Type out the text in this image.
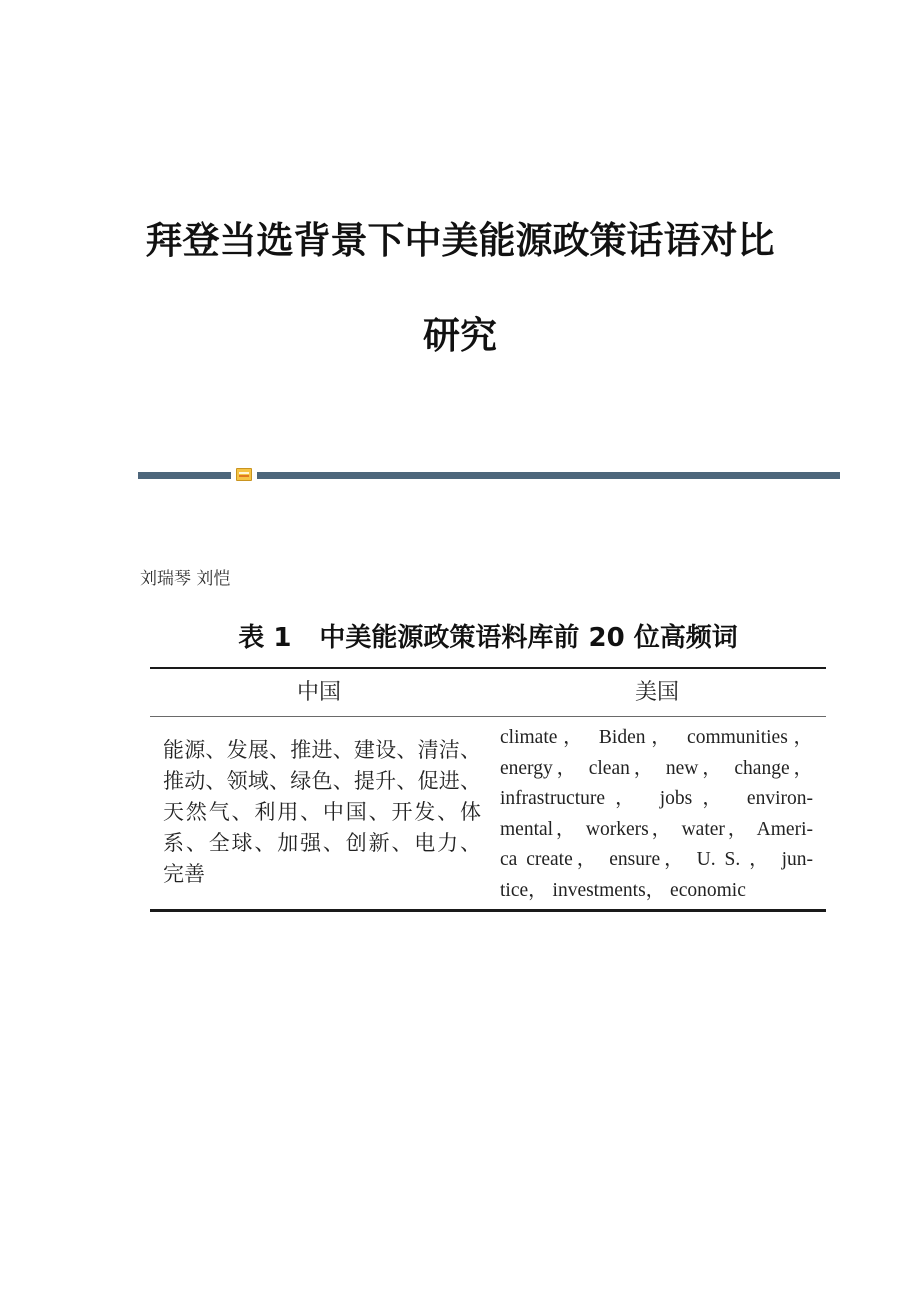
拜登当选背景下中美能源政策话语对比研究
刘瑞琴 刘恺
表 1 中美能源政策语料库前 20 位高频词
中国	美国
能源、发展、推进、建设、清洁、
推动、领域、绿色、提升、促进、
天然气、利用、中国、开发、体
系、全球、加强、创新、电力、
完善
climate， Biden， communities，
energy， clean， new， change，
infrastructure， jobs， environ-
mental， workers， water， Ameri-
ca create， ensure， U. S. ， jun-
tice， investments， economic
